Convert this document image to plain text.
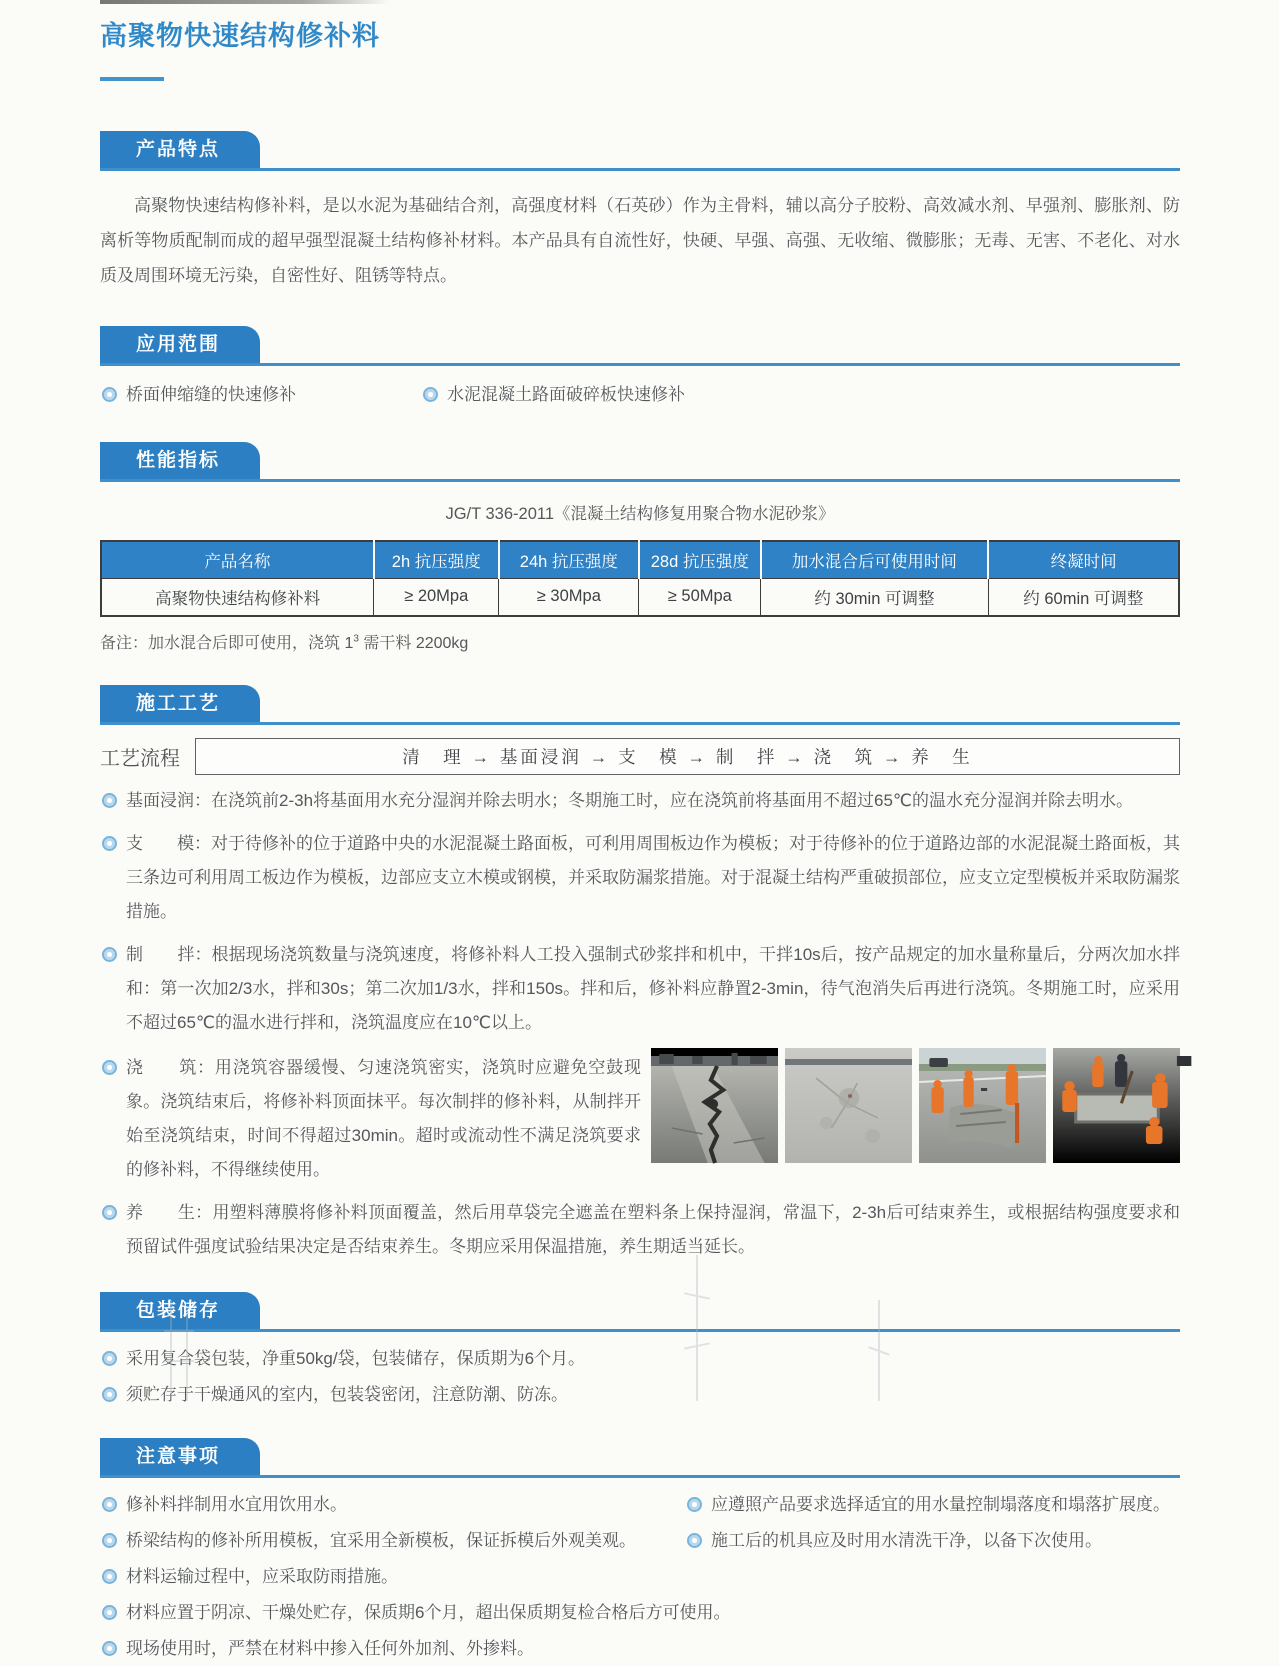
高聚物快速结构修补料
产品特点

高聚物快速结构修补料，是以水泥为基础结合剂，高强度材料（石英砂）作为主骨料，辅以高分子胶粉、高效减水剂、早强剂、膨胀剂、防离析等物质配制而成的超早强型混凝土结构修补材料。本产品具有自流性好，快硬、早强、高强、无收缩、微膨胀；无毒、无害、不老化、对水质及周围环境无污染，自密性好、阻锈等特点。

应用范围
桥面伸缩缝的快速修补	水泥混凝土路面破碎板快速修补
性能指标
JG/T 336-2011《混凝土结构修复用聚合物水泥砂浆》
产品名称	2h 抗压强度	24h 抗压强度	28d 抗压强度	加水混合后可使用时间	终凝时间
高聚物快速结构修补料	≥ 20Mpa	≥ 30Mpa	≥ 50Mpa	约 30min 可调整	约 60min 可调整
备注：加水混合后即可使用，浇筑 $1^3$ 需干料 2200kg
施工工艺
工艺流程	清　理 → 基面浸润 → 支　模 → 制　拌 → 浇　筑 → 养　生
基面浸润：在浇筑前2-3h将基面用水充分湿润并除去明水；冬期施工时，应在浇筑前将基面用不超过65℃的温水充分湿润并除去明水。
支　　模：对于待修补的位于道路中央的水泥混凝土路面板，可利用周围板边作为模板；对于待修补的位于道路边部的水泥混凝土路面板，其三条边可利用周工板边作为模板，边部应支立木模或钢模，并采取防漏浆措施。对于混凝土结构严重破损部位，应支立定型模板并采取防漏浆措施。
制　　拌：根据现场浇筑数量与浇筑速度，将修补料人工投入强制式砂浆拌和机中，干拌10s后，按产品规定的加水量称量后，分两次加水拌和：第一次加2/3水，拌和30s；第二次加1/3水，拌和150s。拌和后，修补料应静置2-3min，待气泡消失后再进行浇筑。冬期施工时，应采用不超过65℃的温水进行拌和，浇筑温度应在10℃以上。
浇　　筑：用浇筑容器缓慢、匀速浇筑密实，浇筑时应避免空鼓现象。浇筑结束后，将修补料顶面抹平。每次制拌的修补料，从制拌开始至浇筑结束，时间不得超过30min。超时或流动性不满足浇筑要求的修补料，不得继续使用。
养　　生：用塑料薄膜将修补料顶面覆盖，然后用草袋完全遮盖在塑料条上保持湿润，常温下，2-3h后可结束养生，或根据结构强度要求和预留试件强度试验结果决定是否结束养生。冬期应采用保温措施，养生期适当延长。
包装储存
采用复合袋包装，净重50kg/袋，包装储存，保质期为6个月。
须贮存于干燥通风的室内，包装袋密闭，注意防潮、防冻。
注意事项
修补料拌制用水宜用饮用水。	应遵照产品要求选择适宜的用水量控制塌落度和塌落扩展度。
桥梁结构的修补所用模板，宜采用全新模板，保证拆模后外观美观。	施工后的机具应及时用水清洗干净，以备下次使用。
材料运输过程中，应采取防雨措施。
材料应置于阴凉、干燥处贮存，保质期6个月，超出保质期复检合格后方可使用。
现场使用时，严禁在材料中掺入任何外加剂、外掺料。
